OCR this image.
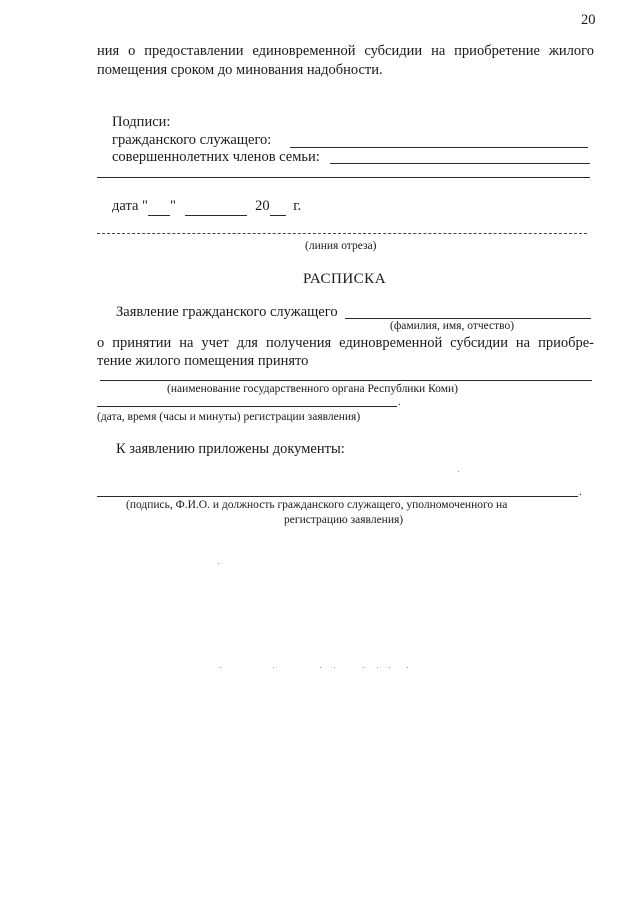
20
ния о предоставлении единовременной субсидии на приобретение жилого
помещения сроком до минования надобности.
Подписи:
гражданского служащего:
совершеннолетних членов семьи:
дата " "	20 г.
(линия отреза)
РАСПИСКА
Заявление гражданского служащего
(фамилия, имя, отчество)
о принятии на учет для получения единовременной субсидии на приобре-
тение жилого помещения принято
(наименование государственного органа Республики Коми)
.
(дата, время (часы и минуты) регистрации заявления)
К заявлению приложены документы:
.
(подпись, Ф.И.О. и должность гражданского служащего, уполномоченного на
регистрацию заявления)
